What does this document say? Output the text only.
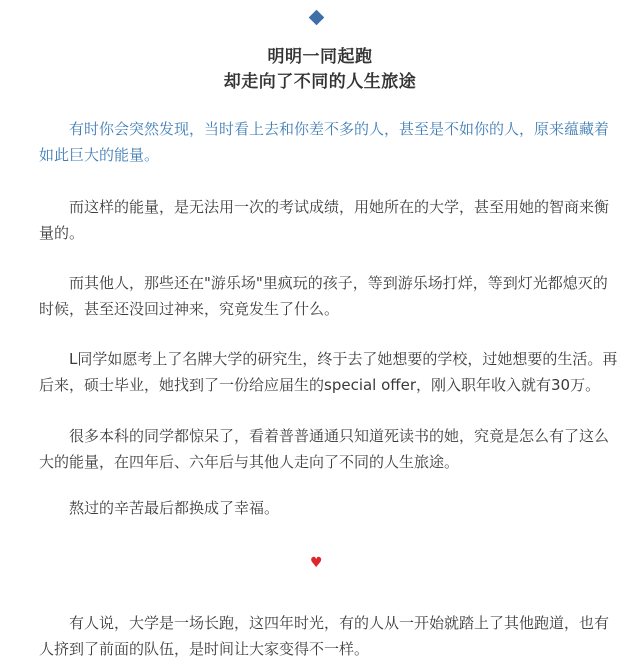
明明一同起跑
却走向了不同的人生旅途

有时你会突然发现，当时看上去和你差不多的人，甚至是不如你的人，原来蕴藏着如此巨大的能量。

而这样的能量，是无法用一次的考试成绩，用她所在的大学，甚至用她的智商来衡量的。

而其他人，那些还在"游乐场"里疯玩的孩子，等到游乐场打烊，等到灯光都熄灭的时候，甚至还没回过神来，究竟发生了什么。

L同学如愿考上了名牌大学的研究生，终于去了她想要的学校，过她想要的生活。再后来，硕士毕业，她找到了一份给应届生的special offer，刚入职年收入就有30万。

很多本科的同学都惊呆了，看着普普通通只知道死读书的她，究竟是怎么有了这么大的能量，在四年后、六年后与其他人走向了不同的人生旅途。

熬过的辛苦最后都换成了幸福。

♥

有人说，大学是一场长跑，这四年时光，有的人从一开始就踏上了其他跑道，也有人挤到了前面的队伍，是时间让大家变得不一样。
